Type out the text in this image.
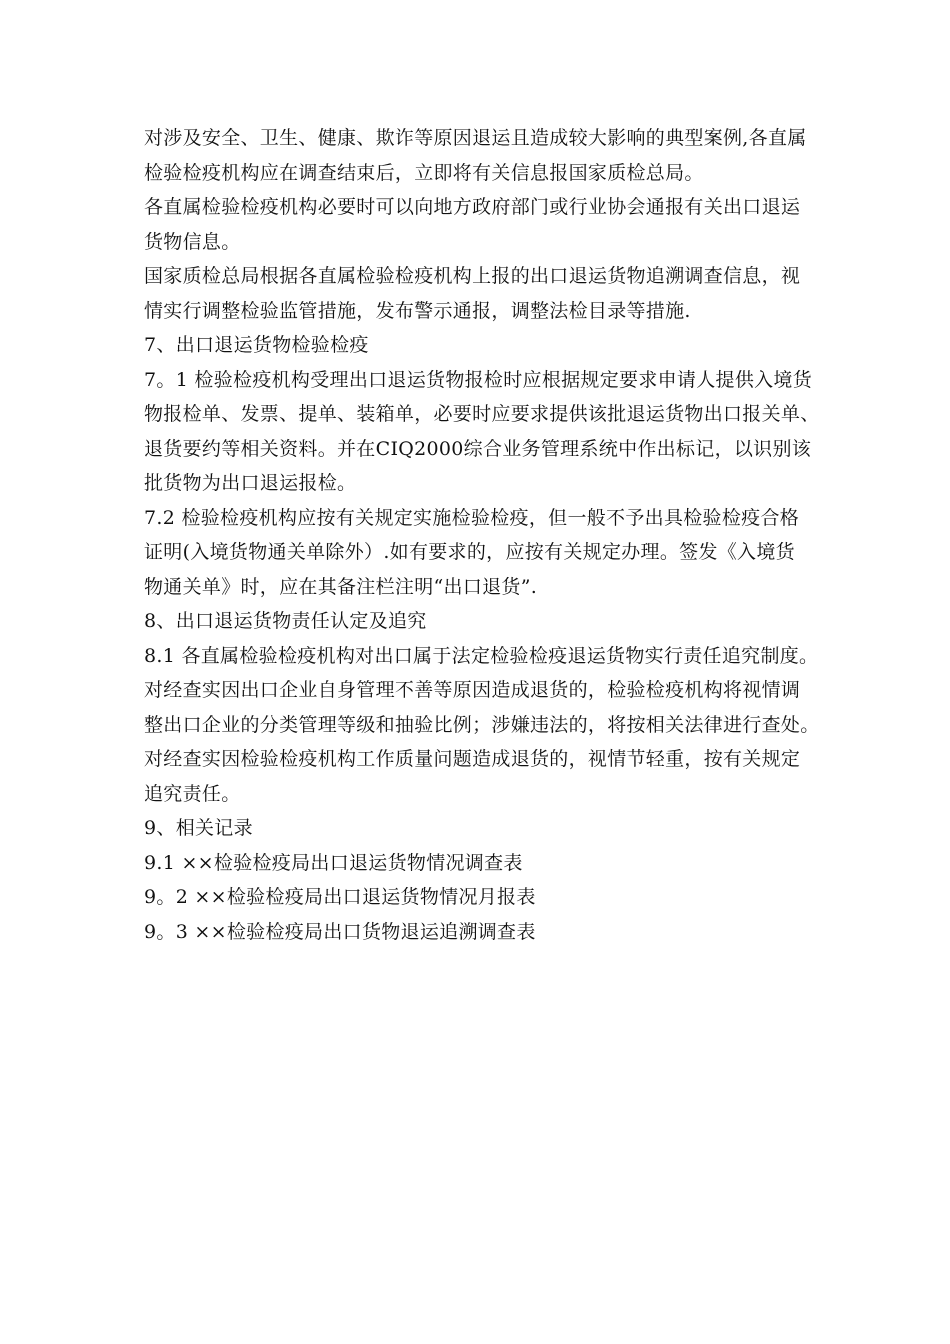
对涉及安全、卫生、健康、欺诈等原因退运且造成较大影响的典型案例,各直属
检验检疫机构应在调查结束后，立即将有关信息报国家质检总局。
各直属检验检疫机构必要时可以向地方政府部门或行业协会通报有关出口退运
货物信息。
国家质检总局根据各直属检验检疫机构上报的出口退运货物追溯调查信息，视
情实行调整检验监管措施，发布警示通报，调整法检目录等措施.
7、出口退运货物检验检疫
7。1 检验检疫机构受理出口退运货物报检时应根据规定要求申请人提供入境货
物报检单、发票、提单、装箱单，必要时应要求提供该批退运货物出口报关单、
退货要约等相关资料。并在CIQ2000综合业务管理系统中作出标记，以识别该
批货物为出口退运报检。
7.2 检验检疫机构应按有关规定实施检验检疫，但一般不予出具检验检疫合格
证明(入境货物通关单除外）.如有要求的，应按有关规定办理。签发《入境货
物通关单》时，应在其备注栏注明“出口退货”.
8、出口退运货物责任认定及追究
8.1 各直属检验检疫机构对出口属于法定检验检疫退运货物实行责任追究制度。
对经查实因出口企业自身管理不善等原因造成退货的，检验检疫机构将视情调
整出口企业的分类管理等级和抽验比例；涉嫌违法的，将按相关法律进行查处。
对经查实因检验检疫机构工作质量问题造成退货的，视情节轻重，按有关规定
追究责任。
9、相关记录
9.1 ××检验检疫局出口退运货物情况调查表
9。2 ××检验检疫局出口退运货物情况月报表
9。3 ××检验检疫局出口货物退运追溯调查表
